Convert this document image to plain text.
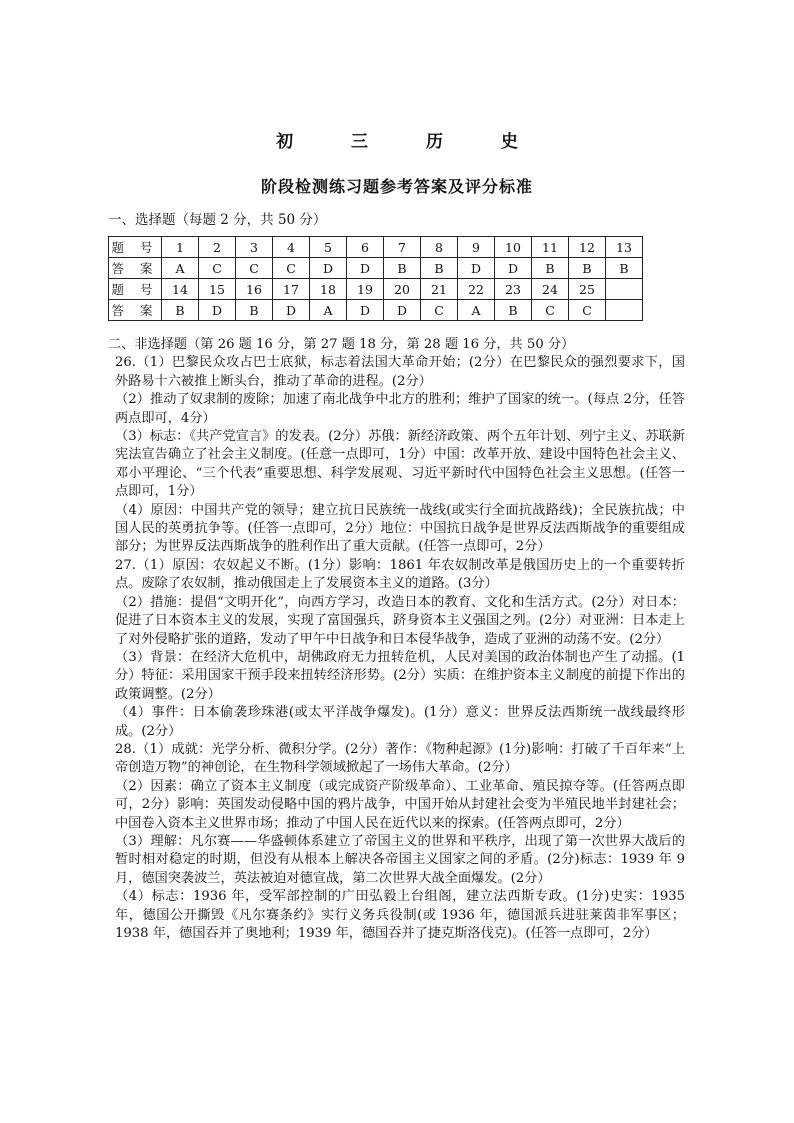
初 三 历 史
阶段检测练习题参考答案及评分标准
一、选择题（每题 2 分，共 50 分）
题 号	1	2	3	4	5	6	7	8	9	10	11	12	13
答 案	A	C	C	C	D	D	B	B	D	D	B	B	B
题 号	14	15	16	17	18	19	20	21	22	23	24	25	
答 案	B	D	B	D	A	D	D	C	A	B	C	C	

二、非选择题（第 26 题 16 分，第 27 题 18 分，第 28 题 16 分，共 50 分）

26.（1）巴黎民众攻占巴士底狱，标志着法国大革命开始；(2分）在巴黎民众的强烈要求下，国外路易十六被推上断头台，推动了革命的进程。(2分）

（2）推动了奴隶制的废除；加速了南北战争中北方的胜利；维护了国家的统一。(每点 2分，任答两点即可，4分）

（3）标志：《共产党宣言》的发表。(2分）苏俄：新经济政策、两个五年计划、列宁主义、苏联新宪法宣告确立了社会主义制度。(任意一点即可，1分）中国：改革开放、建设中国特色社会主义、邓小平理论、“三个代表”重要思想、科学发展观、习近平新时代中国特色社会主义思想。(任答一点即可，1分）

（4）原因：中国共产党的领导；建立抗日民族统一战线(或实行全面抗战路线)；全民族抗战；中国人民的英勇抗争等。(任答一点即可，2分）地位：中国抗日战争是世界反法西斯战争的重要组成部分；为世界反法西斯战争的胜利作出了重大贡献。(任答一点即可，2分）

27.（1）原因：农奴起义不断。(1分）影响：1861 年农奴制改革是俄国历史上的一个重要转折点。废除了农奴制，推动俄国走上了发展资本主义的道路。(3分）

（2）措施：提倡“文明开化”，向西方学习，改造日本的教育、文化和生活方式。(2分）对日本：促进了日本资本主义的发展，实现了富国强兵，跻身资本主义强国之列。(2分）对亚洲：日本走上了对外侵略扩张的道路，发动了甲午中日战争和日本侵华战争，造成了亚洲的动荡不安。(2分）

（3）背景：在经济大危机中，胡佛政府无力扭转危机，人民对美国的政治体制也产生了动摇。(1分）特征：采用国家干预手段来扭转经济形势。(2分）实质：在维护资本主义制度的前提下作出的政策调整。(2分）

（4）事件：日本偷袭珍珠港(或太平洋战争爆发)。(1分）意义：世界反法西斯统一战线最终形成。(2分）

28.（1）成就：光学分析、微积分学。(2分）著作：《物种起源》(1分)影响：打破了千百年来“上帝创造万物”的神创论，在生物科学领域掀起了一场伟大革命。(2分）

（2）因素：确立了资本主义制度（或完成资产阶级革命）、工业革命、殖民掠夺等。(任答两点即可，2分）影响：英国发动侵略中国的鸦片战争，中国开始从封建社会变为半殖民地半封建社会；中国卷入资本主义世界市场；推动了中国人民在近代以来的探索。(任答两点即可，2分）

（3）理解：凡尔赛——华盛顿体系建立了帝国主义的世界和平秩序，出现了第一次世界大战后的暂时相对稳定的时期，但没有从根本上解决各帝国主义国家之间的矛盾。(2分)标志：1939 年 9 月，德国突袭波兰，英法被迫对德宣战，第二次世界大战全面爆发。(2分）

（4）标志：1936 年，受军部控制的广田弘毅上台组阁，建立法西斯专政。(1分)史实：1935 年，德国公开撕毁《凡尔赛条约》实行义务兵役制(或 1936 年，德国派兵进驻莱茵非军事区；1938 年，德国吞并了奥地利；1939 年，德国吞并了捷克斯洛伐克)。(任答一点即可，2分）
